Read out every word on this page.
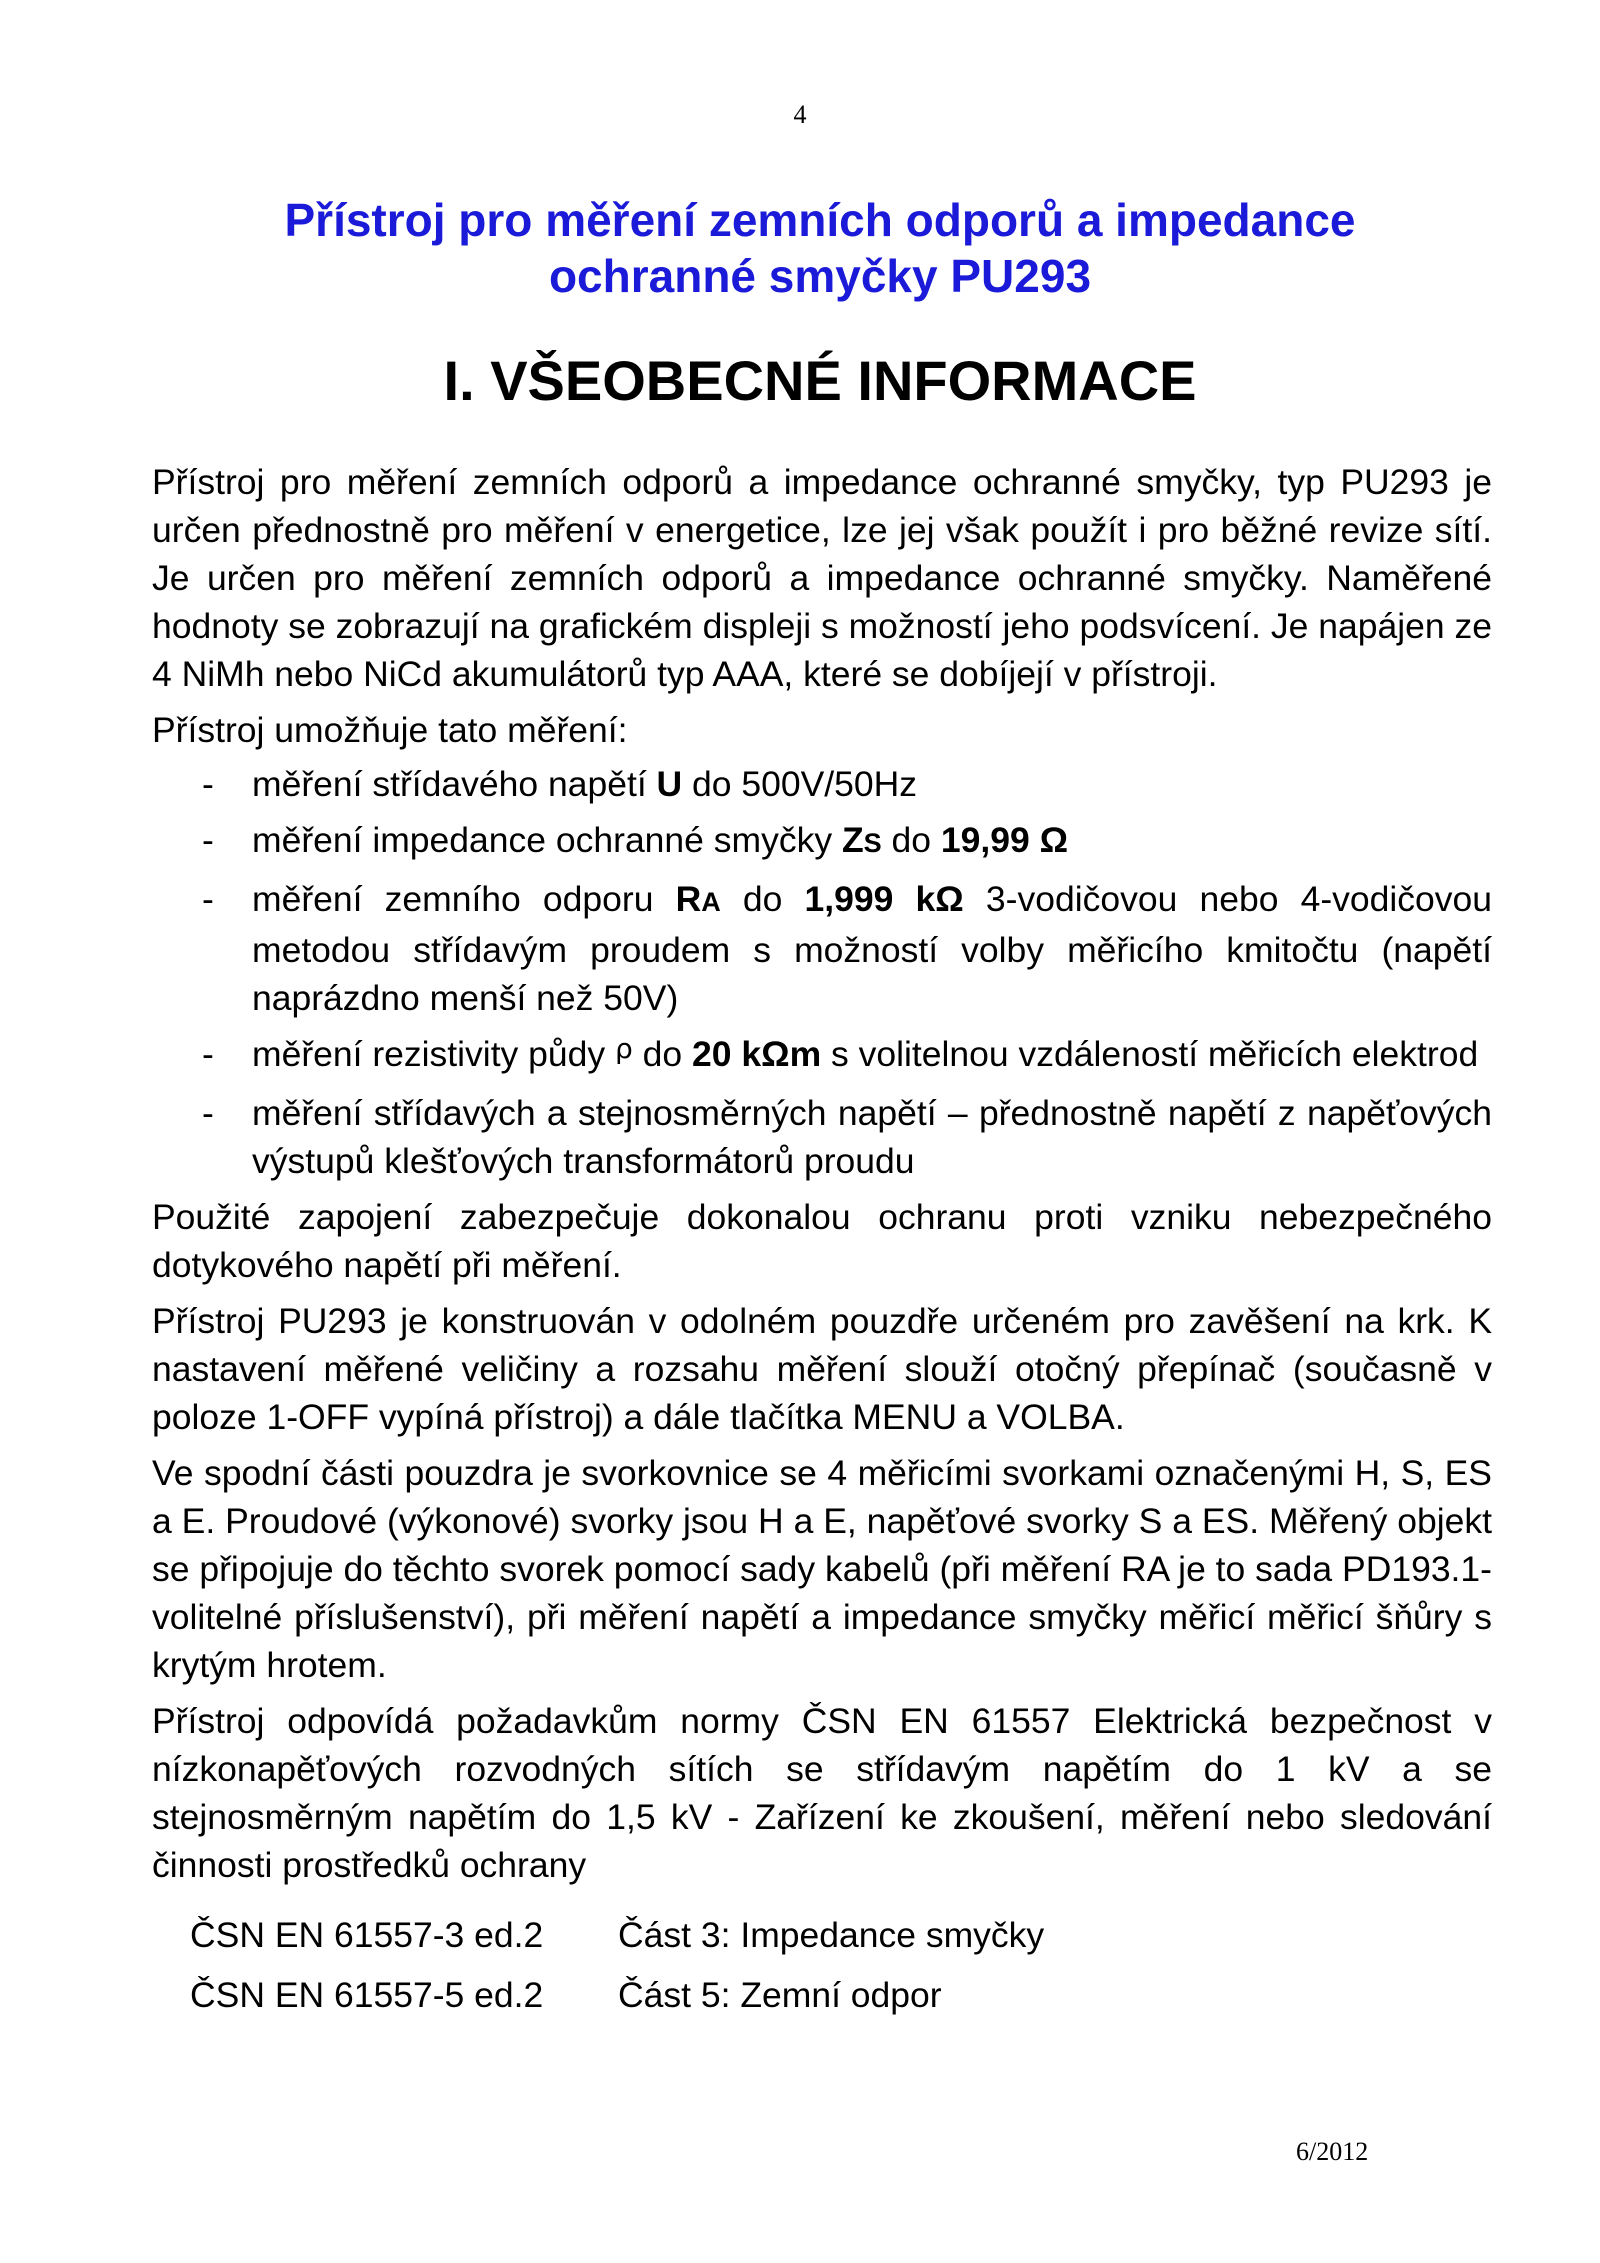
4
Přístroj pro měření zemních odporů a impedance
ochranné smyčky PU293
I. VŠEOBECNÉ INFORMACE

Přístroj pro měření zemních odporů a impedance ochranné smyčky, typ PU293 je určen přednostně pro měření v energetice, lze jej však použít i pro běžné revize sítí. Je určen pro měření zemních odporů a impedance ochranné smyčky. Naměřené hodnoty se zobrazují na grafickém displeji s možností jeho podsvícení. Je napájen ze 4 NiMh nebo NiCd akumulátorů typ AAA, které se dobíjejí v přístroji.

Přístroj umožňuje tato měření:

- měření střídavého napětí U do 500V/50Hz
- měření impedance ochranné smyčky ZS do 19,99 Ω
- měření zemního odporu RA do 1,999 kΩ 3-vodičovou nebo 4-vodičovou metodou střídavým proudem s možností volby měřicího kmitočtu (napětí naprázdno menší než 50V)
- měření rezistivity půdy $^\rho$ do 20 kΩm s volitelnou vzdáleností měřicích elektrod
- měření střídavých a stejnosměrných napětí – přednostně napětí z napěťových výstupů klešťových transformátorů proudu

Použité zapojení zabezpečuje dokonalou ochranu proti vzniku nebezpečného dotykového napětí při měření.

Přístroj PU293 je konstruován v odolném pouzdře určeném pro zavěšení na krk. K nastavení měřené veličiny a rozsahu měření slouží otočný přepínač (současně v poloze 1-OFF vypíná přístroj) a dále tlačítka MENU a VOLBA.

Ve spodní části pouzdra je svorkovnice se 4 měřicími svorkami označenými H, S, ES a E. Proudové (výkonové) svorky jsou H a E, napěťové svorky S a ES. Měřený objekt se připojuje do těchto svorek pomocí sady kabelů (při měření RA je to sada PD193.1- volitelné příslušenství), při měření napětí a impedance smyčky měřicí měřicí šňůry s krytým hrotem.

Přístroj odpovídá požadavkům normy ČSN EN 61557 Elektrická bezpečnost v nízkonapěťových rozvodných sítích se střídavým napětím do 1 kV a se stejnosměrným napětím do 1,5 kV - Zařízení ke zkoušení, měření nebo sledování činnosti prostředků ochrany

ČSN EN 61557-3 ed.2	Část 3: Impedance smyčky
ČSN EN 61557-5 ed.2	Část 5: Zemní odpor
6/2012
